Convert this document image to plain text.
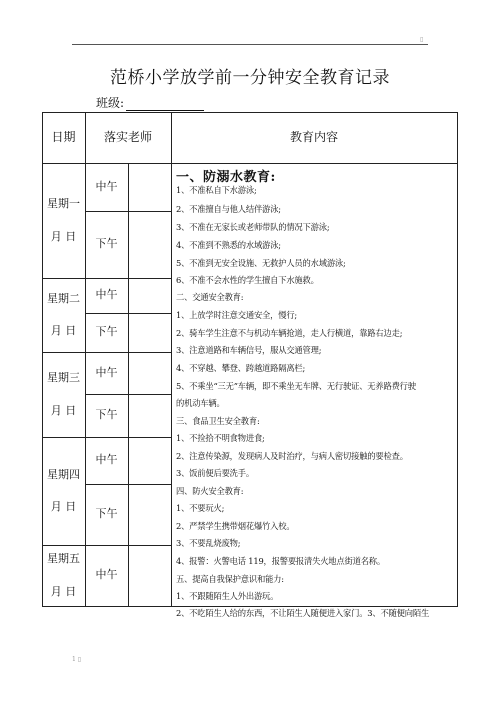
▯
范桥小学放学前一分钟安全教育记录
班级:
日期 落实老师	教育内容
星期一
月 日
中午
下午
星期二
月 日
中午
下午
星期三
月 日
中午
下午
星期四
月 日
中午
下午
星期五
月 日
中午
一、防溺水教育:
1、不准私自下水游泳;
2、不准擅自与他人结伴游泳;
3、不准在无家长或老师带队的情况下游泳;
4、不准到不熟悉的水域游泳;
5、不准到无安全设施、无救护人员的水域游泳;
6、不准不会水性的学生擅自下水施救。
二、交通安全教育:
1、上放学时注意交通安全，慢行;
2、骑车学生注意不与机动车辆抢道，走人行横道，靠路右边走;
3、注意道路和车辆信号，服从交通管理;
4、不穿越、攀登、跨越道路隔离栏;
5、不乘坐“三无”车辆，即不乘坐无车牌、无行驶证、无养路费行驶
的机动车辆。
三、食品卫生安全教育:
1、不捡拾不明食物进食;
2、注意传染源，发现病人及时治疗，与病人密切接触的要检查。
3、饭前便后要洗手。
四、防火安全教育:
1、不要玩火;
2、严禁学生携带烟花爆竹入校。
3、不要乱烧废物;
4、报警：火警电话 119，报警要报清失火地点街道名称。
五、提高自我保护意识和能力:
1、不跟随陌生人外出游玩。
2、不吃陌生人给的东西，不让陌生人随便进入家门。3、不随便向陌生
1 ▯
